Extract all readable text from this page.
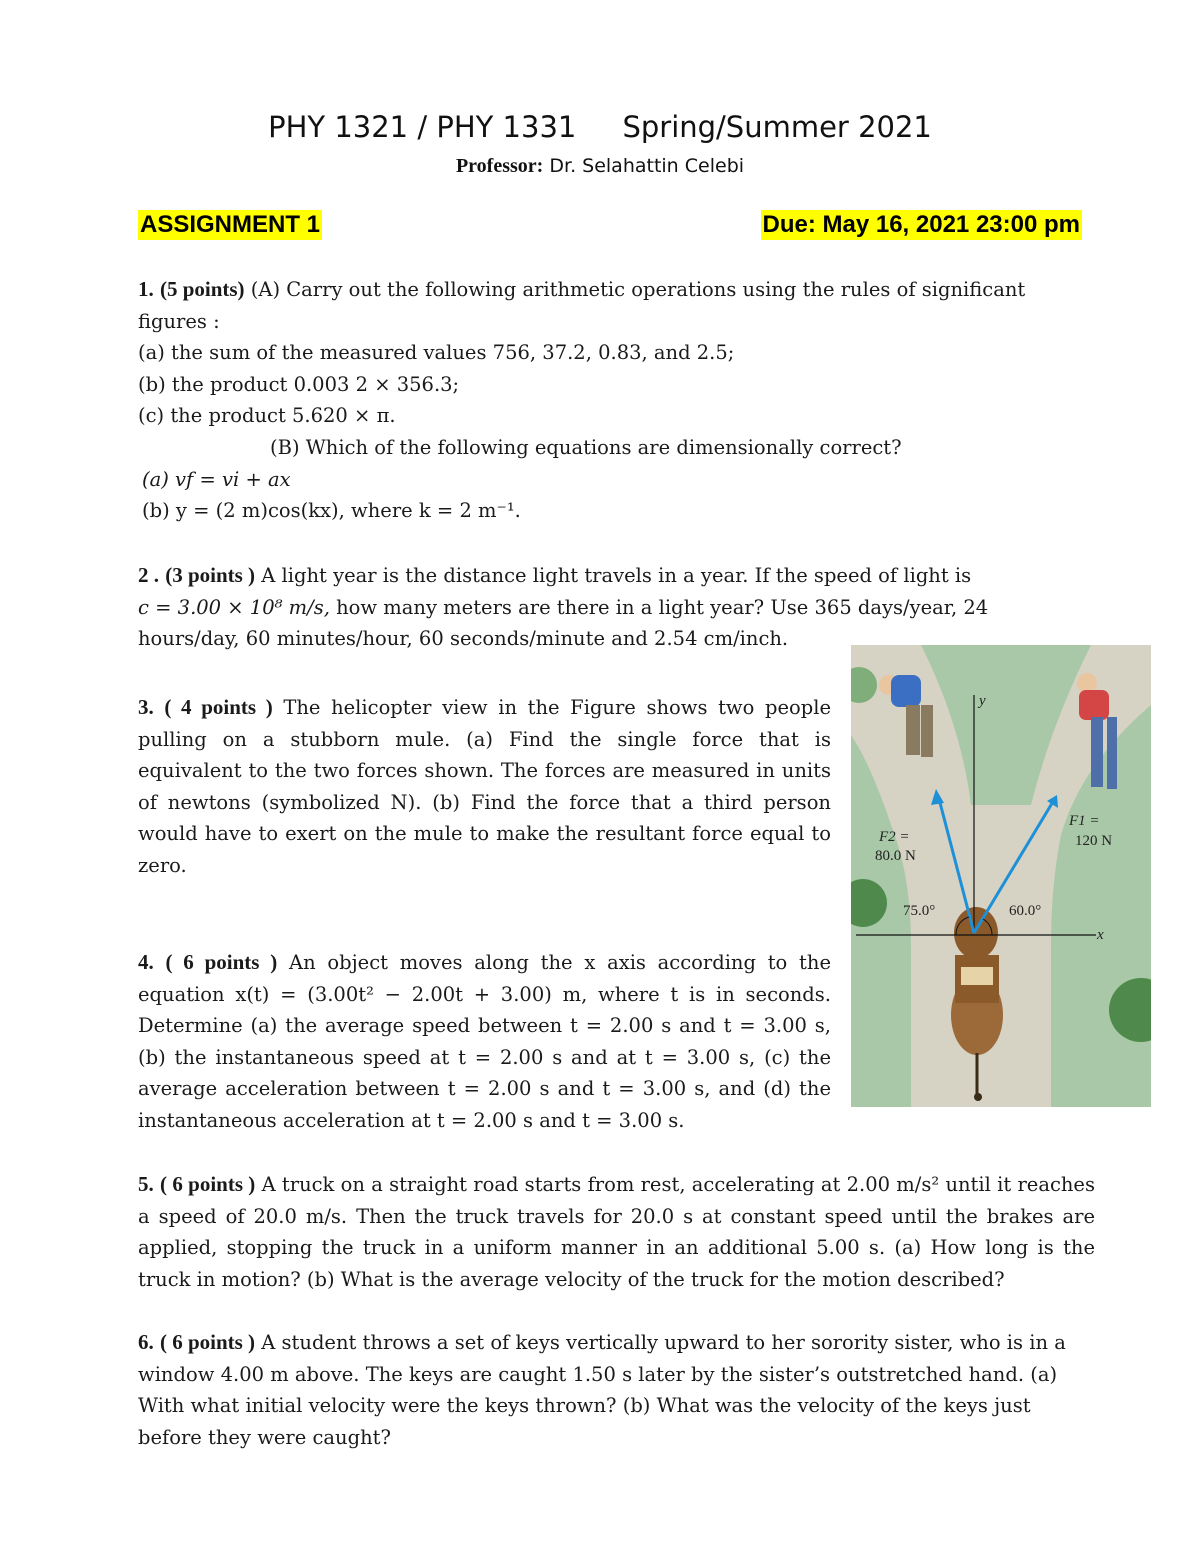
PHY 1321 / PHY 1331     Spring/Summer 2021
Professor: Dr. Selahattin Celebi
ASSIGNMENT 1	Due: May 16, 2021 23:00 pm
1. (5 points) (A) Carry out the following arithmetic operations using the rules of significant
figures :
(a) the sum of the measured values 756, 37.2, 0.83, and 2.5;
(b) the product 0.003 2 × 356.3;
(c) the product 5.620 × π.
(B) Which of the following equations are dimensionally correct?
(a) vf = vi + ax
(b) y = (2 m)cos(kx), where k = 2 m⁻¹.
2 . (3 points ) A light year is the distance light travels in a year. If the speed of light is
c = 3.00 × 10⁸ m/s, how many meters are there in a light year? Use 365 days/year, 24
hours/day, 60 minutes/hour, 60 seconds/minute and 2.54 cm/inch.
3. ( 4 points ) The helicopter view in the Figure shows two people pulling on a stubborn mule. (a) Find the single force that is equivalent to the two forces shown. The forces are measured in units of newtons (symbolized N). (b) Find the force that a third person would have to exert on the mule to make the resultant force equal to zero.
4. ( 6 points ) An object moves along the x axis according to the equation x(t) = (3.00t² − 2.00t + 3.00) m, where t is in seconds. Determine (a) the average speed between t = 2.00 s and t = 3.00 s, (b) the instantaneous speed at t = 2.00 s and at t = 3.00 s, (c) the average acceleration between t = 2.00 s and t = 3.00 s, and (d) the instantaneous acceleration at t = 2.00 s and t = 3.00 s.
5. ( 6 points ) A truck on a straight road starts from rest, accelerating at 2.00 m/s² until it reaches a speed of 20.0 m/s. Then the truck travels for 20.0 s at constant speed until the brakes are applied, stopping the truck in a uniform manner in an additional 5.00 s. (a) How long is the truck in motion? (b) What is the average velocity of the truck for the motion described?
6. ( 6 points ) A student throws a set of keys vertically upward to her sorority sister, who is in a window 4.00 m above. The keys are caught 1.50 s later by the sister’s outstretched hand. (a) With what initial velocity were the keys thrown? (b) What was the velocity of the keys just before they were caught?
y
x
F2 =
80.0 N
F1 =
120 N
75.0°	60.0°
